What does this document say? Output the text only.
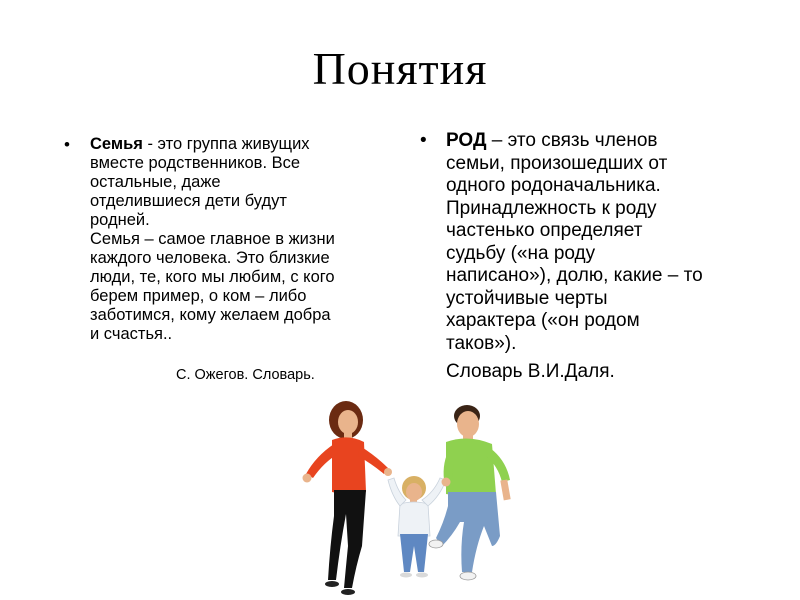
Понятия
• Семья - это группа живущих
вместе родственников. Все
остальные, даже
отделившиеся дети будут
родней.
Семья – самое главное в жизни
каждого человека. Это близкие
люди, те, кого мы любим, с кого
берем пример, о ком – либо
заботимся, кому желаем добра
и счастья..
С. Ожегов. Словарь.
• РОД – это связь членов
семьи, произошедших от
одного родоначальника.
Принадлежность к роду
частенько определяет
судьбу («на роду
написано»), долю, какие – то
устойчивые черты
характера («он родом
таков»).
Словарь В.И.Даля.
